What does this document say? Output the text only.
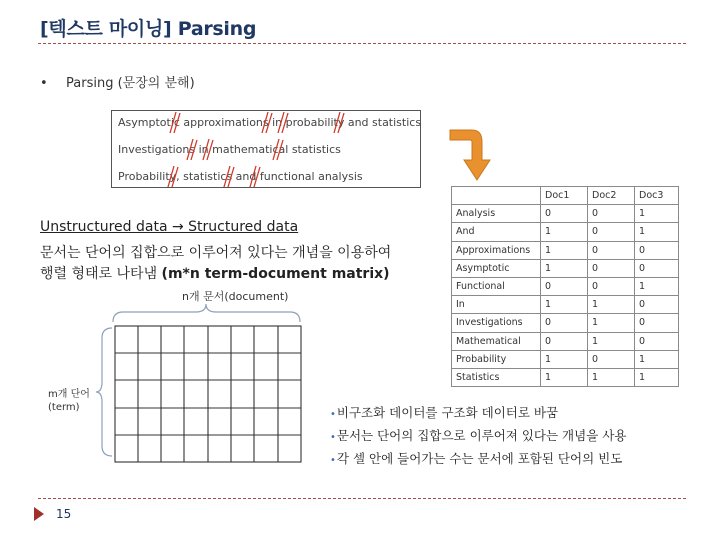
[텍스트 마이닝] Parsing
• Parsing (문장의 분해)
Asymptotic approximations in probability and statistics
Investigations in mathematical statistics
Probability, statistics and functional analysis
Unstructured data → Structured data
문서는 단어의 집합으로 이루어져 있다는 개념을 이용하여
행렬 형태로 나타냄 (m*n term-document matrix)
n개 문서(document)
m개 단어
(term)
	Doc1	Doc2	Doc3
Analysis	0	0	1
And	1	0	1
Approximations	1	0	0
Asymptotic	1	0	0
Functional	0	0	1
In	1	1	0
Investigations	0	1	0
Mathematical	0	1	0
Probability	1	0	1
Statistics	1	1	1
•비구조화 데이터를 구조화 데이터로 바꿈
•문서는 단어의 집합으로 이루어져 있다는 개념을 사용
•각 셀 안에 들어가는 수는 문서에 포함된 단어의 빈도
15
